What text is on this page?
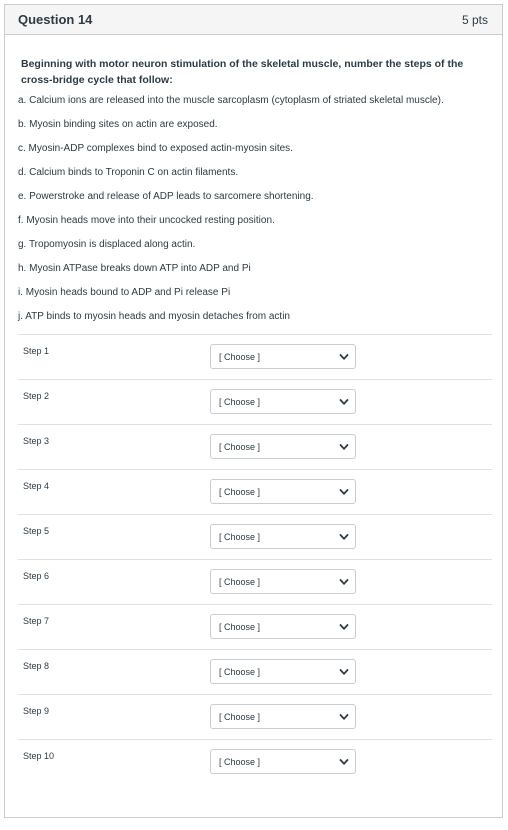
Question 14	5 pts
Beginning with motor neuron stimulation of the skeletal muscle, number the steps of the cross-bridge cycle that follow:
a. Calcium ions are released into the muscle sarcoplasm (cytoplasm of striated skeletal muscle).
b. Myosin binding sites on actin are exposed.
c. Myosin-ADP complexes bind to exposed actin-myosin sites.
d. Calcium binds to Troponin C on actin filaments.
e. Powerstroke and release of ADP leads to sarcomere shortening.
f. Myosin heads move into their uncocked resting position.
g. Tropomyosin is displaced along actin.
h. Myosin ATPase breaks down ATP into ADP and Pi
i. Myosin heads bound to ADP and Pi release Pi
j. ATP binds to myosin heads and myosin detaches from actin
Step 1
[ Choose ]
Step 2
[ Choose ]
Step 3
[ Choose ]
Step 4
[ Choose ]
Step 5
[ Choose ]
Step 6
[ Choose ]
Step 7
[ Choose ]
Step 8
[ Choose ]
Step 9
[ Choose ]
Step 10
[ Choose ]
